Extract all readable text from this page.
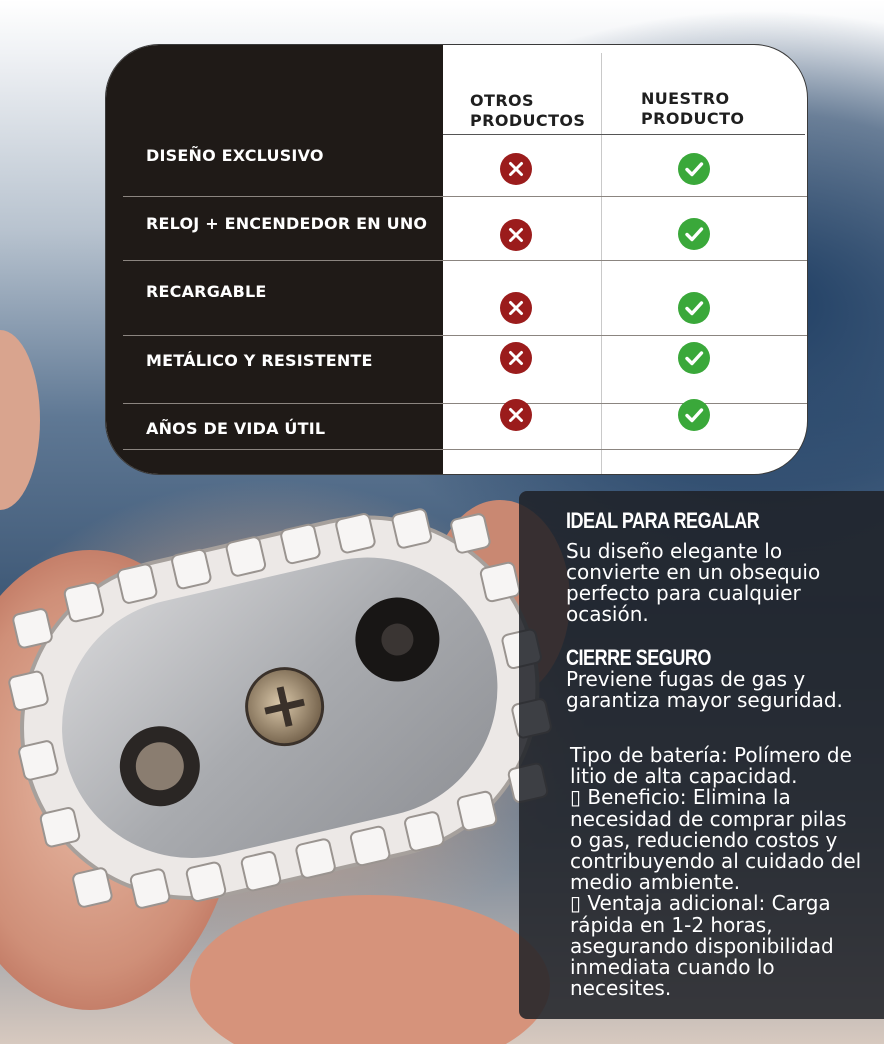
OTROS
PRODUCTOS
NUESTRO
PRODUCTO
DISEÑO EXCLUSIVO
RELOJ + ENCENDEDOR EN UNO
RECARGABLE
METÁLICO Y RESISTENTE
AÑOS DE VIDA ÚTIL
IDEAL PARA REGALAR
Su diseño elegante lo convierte en un obsequio perfecto para cualquier ocasión.
CIERRE SEGURO
Previene fugas de gas y garantiza mayor seguridad.
Tipo de batería: Polímero de
litio de alta capacidad.
▯ Beneficio: Elimina la
necesidad de comprar pilas
o gas, reduciendo costos y
contribuyendo al cuidado del
medio ambiente.
▯ Ventaja adicional: Carga
rápida en 1-2 horas,
asegurando disponibilidad
inmediata cuando lo
necesites.
